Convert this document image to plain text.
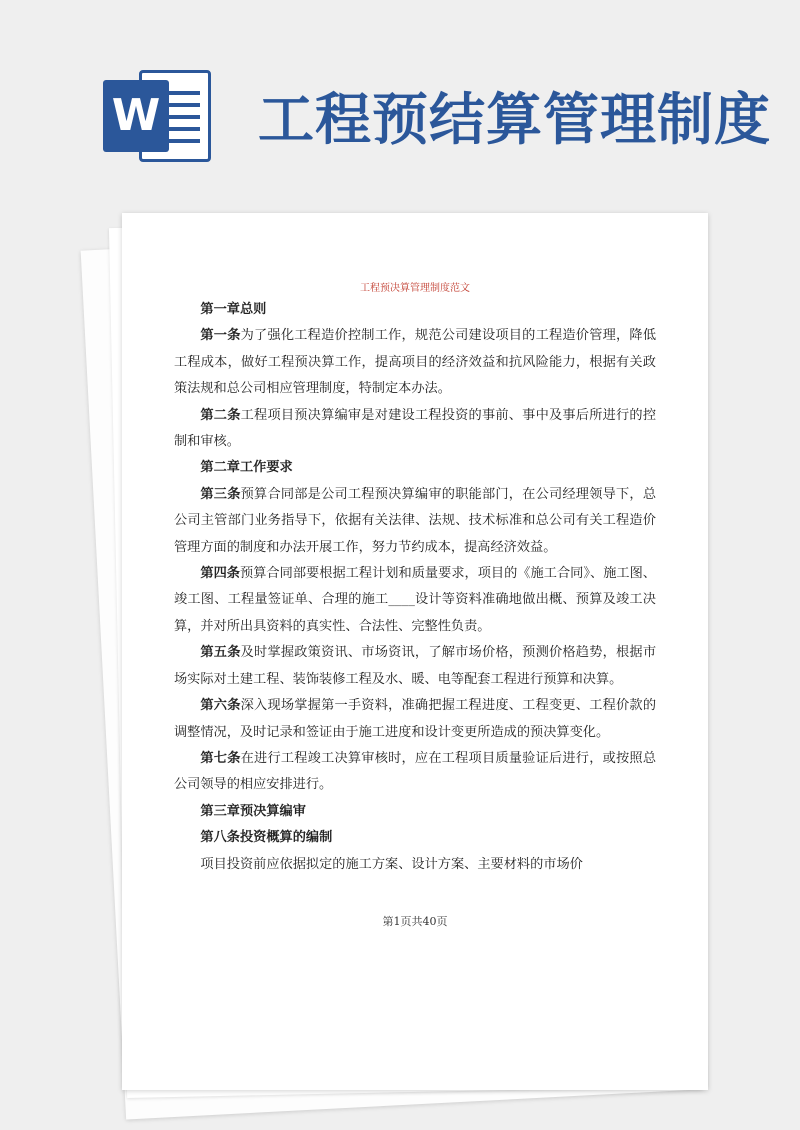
W 工程预结算管理制度
工程预决算管理制度范文

第一章总则

第一条为了强化工程造价控制工作，规范公司建设项目的工程造价管理，降低工程成本，做好工程预决算工作，提高项目的经济效益和抗风险能力，根据有关政策法规和总公司相应管理制度，特制定本办法。

第二条工程项目预决算编审是对建设工程投资的事前、事中及事后所进行的控制和审核。

第二章工作要求

第三条预算合同部是公司工程预决算编审的职能部门，在公司经理领导下，总公司主管部门业务指导下，依据有关法律、法规、技术标准和总公司有关工程造价管理方面的制度和办法开展工作，努力节约成本，提高经济效益。

第四条预算合同部要根据工程计划和质量要求，项目的《施工合同》、施工图、竣工图、工程量签证单、合理的施工____设计等资料准确地做出概、预算及竣工决算，并对所出具资料的真实性、合法性、完整性负责。

第五条及时掌握政策资讯、市场资讯，了解市场价格，预测价格趋势，根据市场实际对土建工程、装饰装修工程及水、暖、电等配套工程进行预算和决算。

第六条深入现场掌握第一手资料，准确把握工程进度、工程变更、工程价款的调整情况，及时记录和签证由于施工进度和设计变更所造成的预决算变化。

第七条在进行工程竣工决算审核时，应在工程项目质量验证后进行，或按照总公司领导的相应安排进行。

第三章预决算编审

第八条投资概算的编制

项目投资前应依据拟定的施工方案、设计方案、主要材料的市场价

第1页共40页
